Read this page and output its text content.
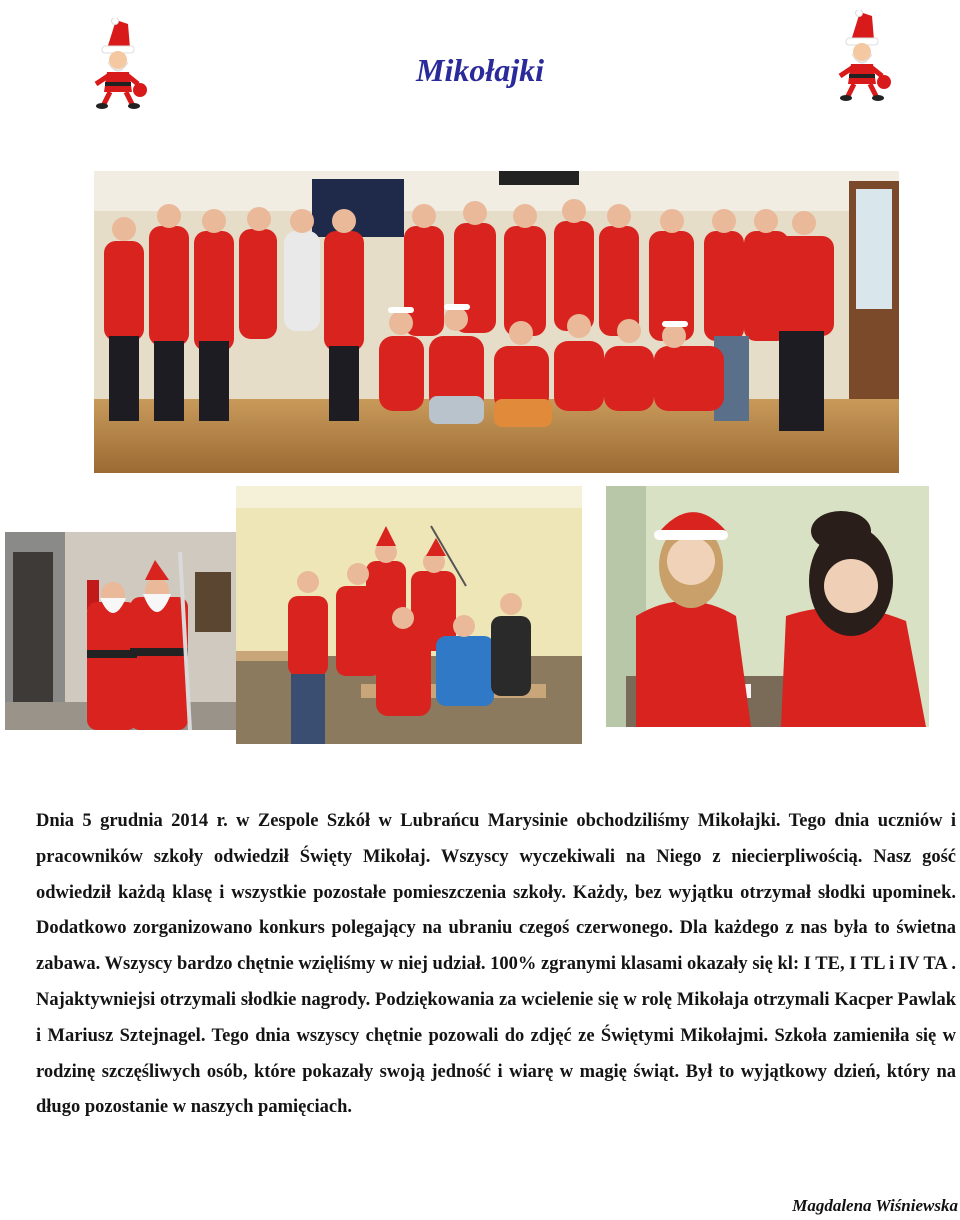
Mikołajki
Dnia 5 grudnia 2014 r. w Zespole Szkół w Lubrańcu Marysinie obchodziliśmy Mikołajki. Tego dnia uczniów i pracowników szkoły odwiedził Święty Mikołaj. Wszyscy wyczekiwali na Niego z niecierpliwością. Nasz gość odwiedził każdą klasę i wszystkie pozostałe pomieszczenia szkoły. Każdy, bez wyjątku otrzymał słodki upominek. Dodatkowo zorganizowano konkurs polegający na ubraniu czegoś czerwonego. Dla każdego z nas była to świetna zabawa. Wszyscy bardzo chętnie wzięliśmy w niej udział. 100% zgranymi klasami okazały się kl: I TE, I TL i IV TA . Najaktywniejsi otrzymali słodkie nagrody. Podziękowania za wcielenie się w rolę Mikołaja otrzymali Kacper Pawlak i Mariusz Sztejnagel. Tego dnia wszyscy chętnie pozowali do zdjęć ze Świętymi Mikołajmi. Szkoła zamieniła się w rodzinę szczęśliwych osób, które pokazały swoją jedność i wiarę w magię świąt. Był to wyjątkowy dzień, który na długo pozostanie w naszych pamięciach.
Magdalena Wiśniewska
